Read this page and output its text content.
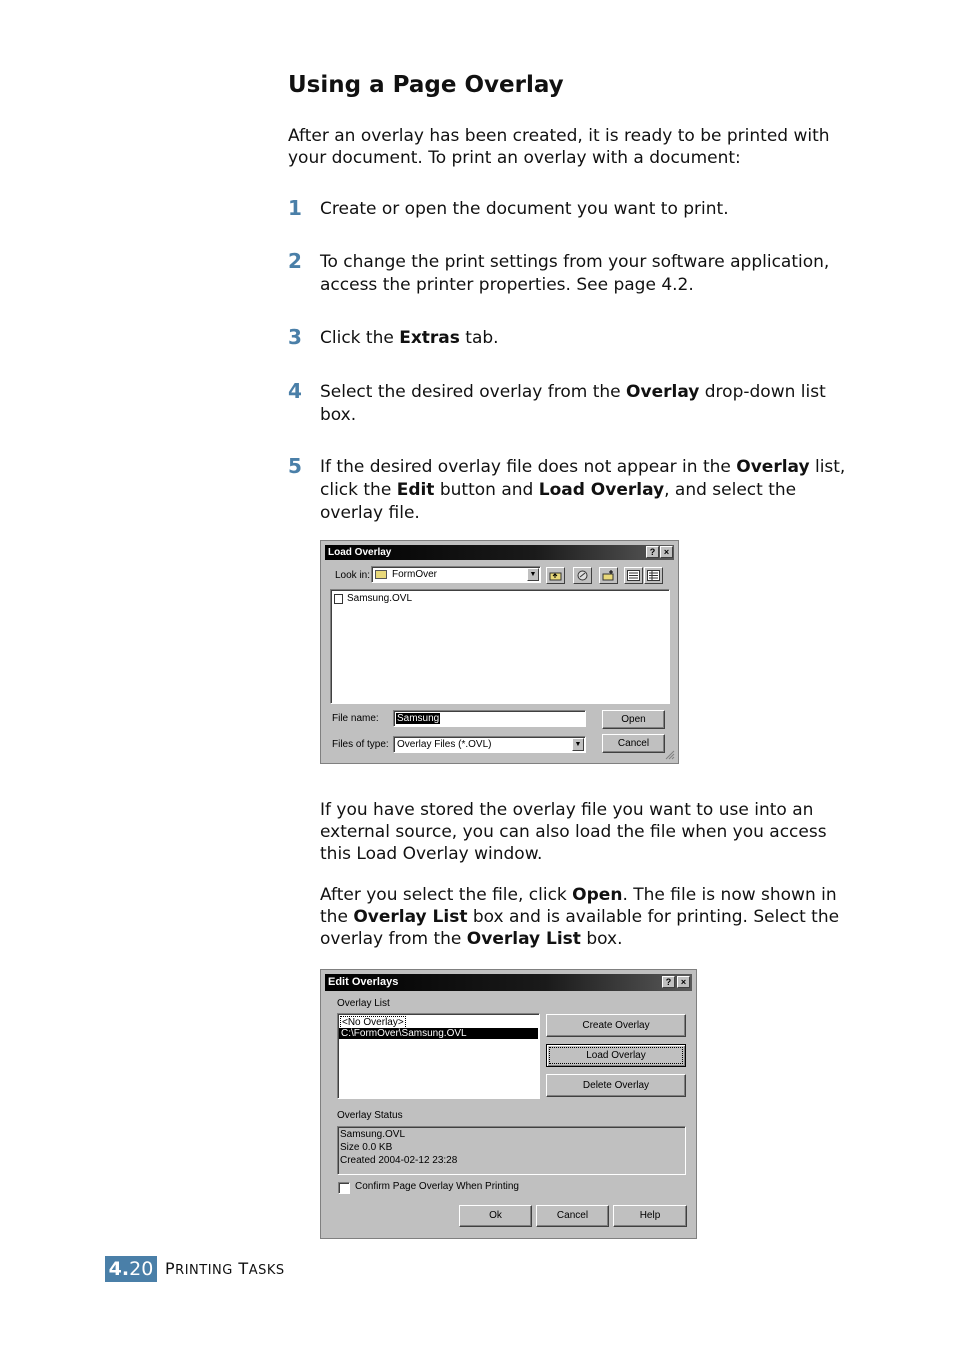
Using a Page Overlay

After an overlay has been created, it is ready to be printed with your document. To print an overlay with a document:

1 Create or open the document you want to print.

2 To change the print settings from your software application, access the printer properties. See page 4.2.

3 Click the Extras tab.

4 Select the desired overlay from the Overlay drop-down list box.

5 If the desired overlay file does not appear in the Overlay list, click the Edit button and Load Overlay, and select the overlay file.

Load Overlay	? ×
Look in: FormOver	▼
Samsung.OVL
File name: Samsung
Files of type: Overlay Files (*.OVL)	▼
Open
Cancel

If you have stored the overlay file you want to use into an external source, you can also load the file when you access this Load Overlay window.

After you select the file, click Open. The file is now shown in the Overlay List box and is available for printing. Select the overlay from the Overlay List box.

Edit Overlays	?	×
Overlay List
<No Overlay>
C:\FormOver\Samsung.OVL
Create Overlay
Load Overlay
Delete Overlay
Overlay Status
Samsung.OVL
Size 0.0 KB
Created 2004-02-12 23:28
Confirm Page Overlay When Printing
Ok	Cancel	Help
4.20 PRINTING TASKS
